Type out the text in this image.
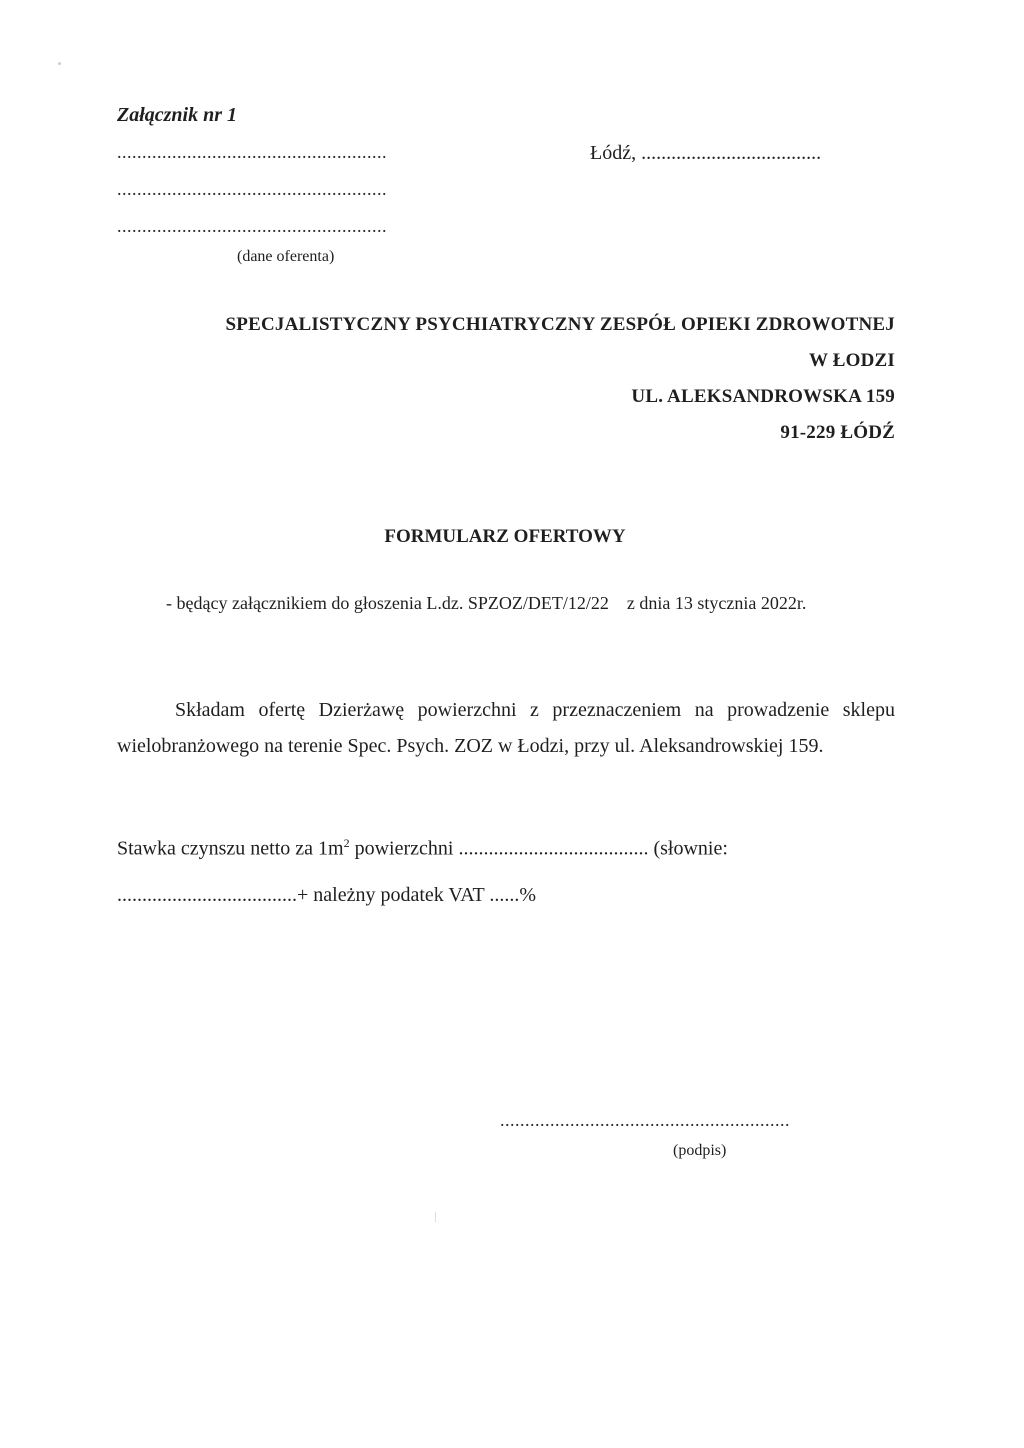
Załącznik nr 1
......................................................
......................................................
......................................................
Łódź, ....................................
(dane oferenta)
SPECJALISTYCZNY PSYCHIATRYCZNY ZESPÓŁ OPIEKI ZDROWOTNEJ
W ŁODZI
UL. ALEKSANDROWSKA 159
91-229 ŁÓDŹ
FORMULARZ OFERTOWY
- będący załącznikiem do głoszenia L.dz. SPZOZ/DET/12/22    z dnia 13 stycznia 2022r.
Składam ofertę Dzierżawę powierzchni z przeznaczeniem na prowadzenie sklepu wielobranżowego na terenie Spec. Psych. ZOZ w Łodzi, przy ul. Aleksandrowskiej 159.
Stawka czynszu netto za $1m^2$ powierzchni ...................................... (słownie:
....................................+ należny podatek VAT ......%
..........................................................
(podpis)
